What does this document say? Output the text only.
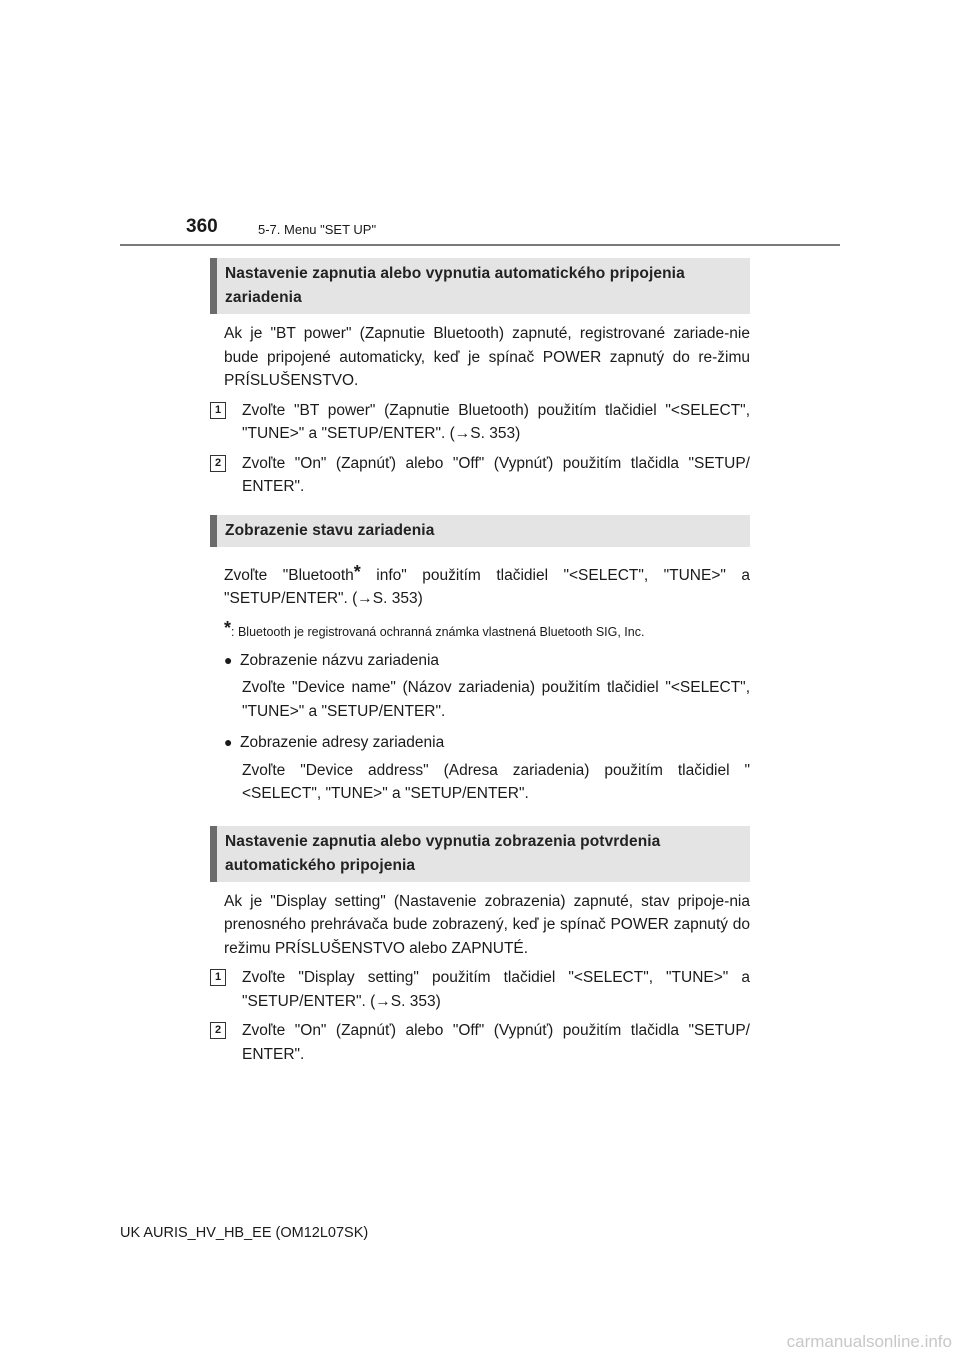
360	5-7. Menu "SET UP"
Nastavenie zapnutia alebo vypnutia automatického pripojenia zariadenia

Ak je "BT power" (Zapnutie Bluetooth) zapnuté, registrované zariade-nie bude pripojené automaticky, keď je spínač POWER zapnutý do re-žimu PRÍSLUŠENSTVO.

1	Zvoľte "BT power" (Zapnutie Bluetooth) použitím tlačidiel "<SELECT", "TUNE>" a "SETUP/ENTER". (→S. 353)
2	Zvoľte "On" (Zapnúť) alebo "Off" (Vypnúť) použitím tlačidla "SETUP/ ENTER".
Zobrazenie stavu zariadenia

Zvoľte "Bluetooth* info" použitím tlačidiel "<SELECT", "TUNE>" a "SETUP/ENTER". (→S. 353)

*: Bluetooth je registrovaná ochranná známka vlastnená Bluetooth SIG, Inc.
● Zobrazenie názvu zariadenia

Zvoľte "Device name" (Názov zariadenia) použitím tlačidiel "<SELECT", "TUNE>" a "SETUP/ENTER".

● Zobrazenie adresy zariadenia

Zvoľte "Device address" (Adresa zariadenia) použitím tlačidiel "<SELECT", "TUNE>" a "SETUP/ENTER".

Nastavenie zapnutia alebo vypnutia zobrazenia potvrdenia automatického pripojenia

Ak je "Display setting" (Nastavenie zobrazenia) zapnuté, stav pripoje-nia prenosného prehrávača bude zobrazený, keď je spínač POWER zapnutý do režimu PRÍSLUŠENSTVO alebo ZAPNUTÉ.

1	Zvoľte "Display setting" použitím tlačidiel "<SELECT", "TUNE>" a "SETUP/ENTER". (→S. 353)
2	Zvoľte "On" (Zapnúť) alebo "Off" (Vypnúť) použitím tlačidla "SETUP/ ENTER".
UK AURIS_HV_HB_EE (OM12L07SK)
carmanualsonline.info
